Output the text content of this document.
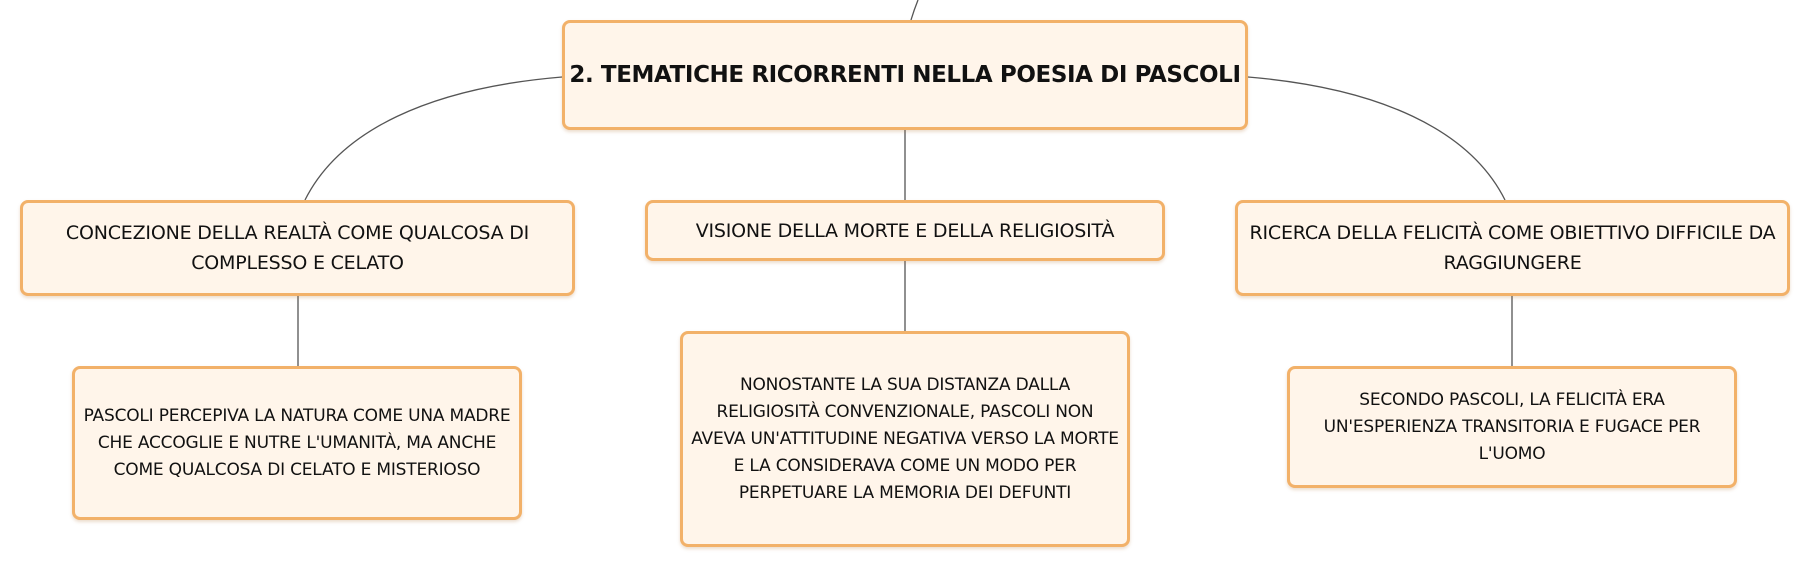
2. TEMATICHE RICORRENTI NELLA POESIA DI PASCOLI
CONCEZIONE DELLA REALTÀ COME QUALCOSA DI COMPLESSO E CELATO
VISIONE DELLA MORTE E DELLA RELIGIOSITÀ	RICERCA DELLA FELICITÀ COME OBIETTIVO DIFFICILE DA RAGGIUNGERE
PASCOLI PERCEPIVA LA NATURA COME UNA MADRE CHE ACCOGLIE E NUTRE L'UMANITÀ, MA ANCHE COME QUALCOSA DI CELATO E MISTERIOSO
NONOSTANTE LA SUA DISTANZA DALLA RELIGIOSITÀ CONVENZIONALE, PASCOLI NON AVEVA UN'ATTITUDINE NEGATIVA VERSO LA MORTE E LA CONSIDERAVA COME UN MODO PER PERPETUARE LA MEMORIA DEI DEFUNTI
SECONDO PASCOLI, LA FELICITÀ ERA UN'ESPERIENZA TRANSITORIA E FUGACE PER L'UOMO
